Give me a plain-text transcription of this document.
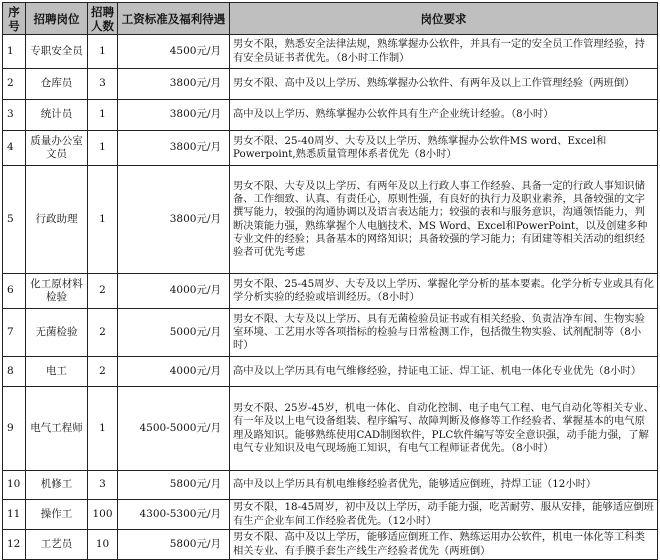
序号	招聘岗位	招聘人数	工资标准及福利待遇	岗位要求
1	专职安全员	1	4500元/月	男女不限，熟悉安全法律法规，熟练掌握办公软件，并具有一定的安全员工作管理经验，持有安全员证书者优先。（8小时工作制）
2	仓库员	3	3800元/月	男女不限、高中及以上学历、熟练掌握办公软件、有两年及以上工作管理经验（两班倒）
3	统计员	1	3800元/月	高中及以上学历、熟练掌握办公软件具有生产企业统计经验。（8小时）
4	质量办公室文员	1	3800元/月	男女不限、25-40周岁、大专及以上学历、熟练掌握办公软件MS word、Excel和Powerpoint,熟悉质量管理体系者优先（8小时）
5	行政助理	1	3800元/月	男女不限、大专及以上学历、有两年及以上行政人事工作经验、具备一定的行政人事知识储备、工作细致、认真、有责任心，原则性强，有良好的执行力及职业素养，具备较强的文字撰写能力，较强的沟通协调以及语言表达能力；较强的表和与服务意识，沟通领悟能力，判断决策能力强，熟练掌握个人电脑技术、MS Word、Excel和PowerPoint，以及创建多种专业文件的经验；具备基本的网络知识；具备较强的学习能力；有团建等相关活动的组织经验者可优先考虑
6	化工原材料检验	2	4000元/月	男女不限、25-45周岁、大专及以上学历、掌握化学分析的基本要素。化学分析专业或具有化学分析实验的经验或培训经历。（8小时）
7	无菌检验	2	5000元/月	男女不限、大专及以上学历、具有无菌检验员证书或有相关经验、负责洁净车间、生物实验室环境、工艺用水等各项指标的检验与日常检测工作，包括微生物实验、试剂配制等（8小时）
8	电工	2	4000元/月	高中及以上学历具有电气维修经验，持证电工证、焊工证、机电一体化专业优先（8小时）
9	电气工程师	1	4500-5000元/月	男女不限、25岁-45岁，机电一体化、自动化控制、电子电气工程、电气自动化等相关专业、有一年及以上电气设备组装、程序编写、故障判断及修修等工作经验者、掌握基本的电气原理及路知识。能够熟练使用CAD制图软件，PLC软件编写等安全意识强，动手能力强，了解电气专业知识及电气现场施工知识，有电气工程师证者优先。（8小时）
10	机修工	3	5800元/月	高中及以上学历具有机电维修经验者优先，能够适应倒班，持焊工证（12小时）
11	操作工	100	4300-5300元/月	男女不限，18-45周岁，初中及以上学历，动手能力强，吃苦耐劳、服从安排，能够适应倒班 有生产企业车间工作经验者优先。（12小时）
12	工艺员	10	5800元/月	男女不限、高中及以上学历，能够适应倒班工作、熟练运用办公软件，机电一体化等工科类相关专业、有手膜手套生产线生产经验者优先（两班倒）
